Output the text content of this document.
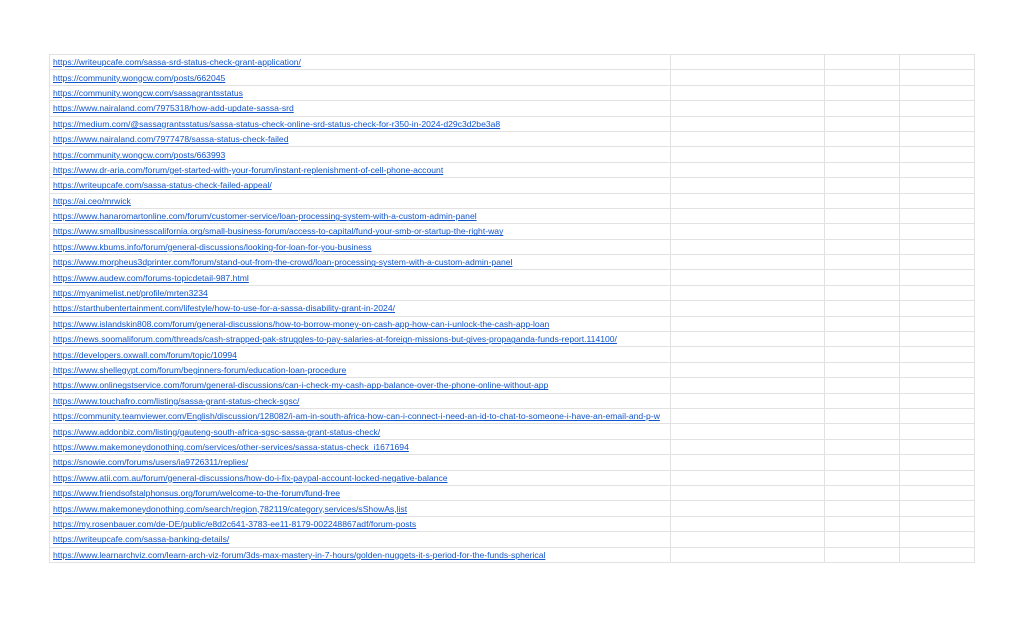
https://writeupcafe.com/sassa-srd-status-check-grant-application/			
https://community.wongcw.com/posts/662045			
https://community.wongcw.com/sassagrantsstatus			
https://www.nairaland.com/7975318/how-add-update-sassa-srd			
https://medium.com/@sassagrantsstatus/sassa-status-check-online-srd-status-check-for-r350-in-2024-d29c3d2be3a8			
https://www.nairaland.com/7977478/sassa-status-check-failed			
https://community.wongcw.com/posts/663993			
https://www.dr-aria.com/forum/get-started-with-your-forum/instant-replenishment-of-cell-phone-account			
https://writeupcafe.com/sassa-status-check-failed-appeal/			
https://ai.ceo/mrwick			
https://www.hanaromartonline.com/forum/customer-service/loan-processing-system-with-a-custom-admin-panel			
https://www.smallbusinesscalifornia.org/small-business-forum/access-to-capital/fund-your-smb-or-startup-the-right-way			
https://www.kbums.info/forum/general-discussions/looking-for-loan-for-you-business			
https://www.morpheus3dprinter.com/forum/stand-out-from-the-crowd/loan-processing-system-with-a-custom-admin-panel			
https://www.audew.com/forums-topicdetail-987.html			
https://myanimelist.net/profile/mrten3234			
https://starthubentertainment.com/lifestyle/how-to-use-for-a-sassa-disability-grant-in-2024/			
https://www.islandskin808.com/forum/general-discussions/how-to-borrow-money-on-cash-app-how-can-i-unlock-the-cash-app-loan			
https://news.soomaliforum.com/threads/cash-strapped-pak-struggles-to-pay-salaries-at-foreign-missions-but-gives-propaganda-funds-report.114100/			
https://developers.oxwall.com/forum/topic/10994			
https://www.shellegypt.com/forum/beginners-forum/education-loan-procedure			
https://www.onlinegstservice.com/forum/general-discussions/can-i-check-my-cash-app-balance-over-the-phone-online-without-app			
https://www.touchafro.com/listing/sassa-grant-status-check-sgsc/			
https://community.teamviewer.com/English/discussion/128082/i-am-in-south-africa-how-can-i-connect-i-need-an-id-to-chat-to-someone-i-have-an-email-and-p-w			
https://www.addonbiz.com/listing/gauteng-south-africa-sgsc-sassa-grant-status-check/			
https://www.makemoneydonothing.com/services/other-services/sassa-status-check_i1671694			
https://snowie.com/forums/users/ia9726311/replies/			
https://www.atii.com.au/forum/general-discussions/how-do-i-fix-paypal-account-locked-negative-balance			
https://www.friendsofstalphonsus.org/forum/welcome-to-the-forum/fund-free			
https://www.makemoneydonothing.com/search/region,782119/category,services/sShowAs,list			
https://my.rosenbauer.com/de-DE/public/e8d2c641-3783-ee11-8179-002248867adf/forum-posts			
https://writeupcafe.com/sassa-banking-details/			
https://www.learnarchviz.com/learn-arch-viz-forum/3ds-max-mastery-in-7-hours/golden-nuggets-it-s-period-for-the-funds-spherical			
